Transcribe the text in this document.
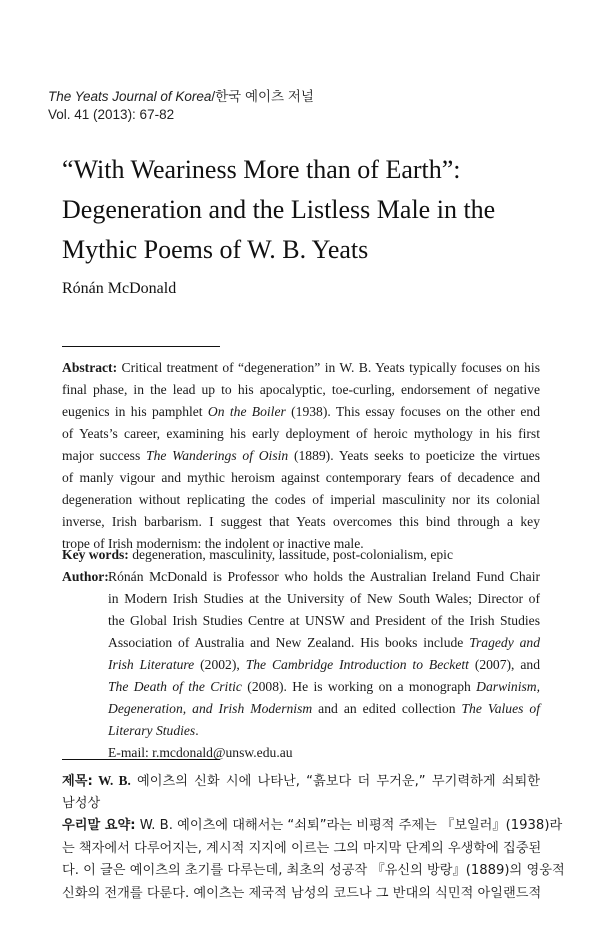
The Yeats Journal of Korea/한국 예이츠 저널
Vol. 41 (2013): 67-82
“With Weariness More than of Earth”:
Degeneration and the Listless Male in the
Mythic Poems of W. B. Yeats
Rónán McDonald
Abstract: Critical treatment of “degeneration” in W. B. Yeats typically focuses on his
final phase, in the lead up to his apocalyptic, toe-curling, endorsement of negative
eugenics in his pamphlet On the Boiler (1938). This essay focuses on the other end
of Yeats’s career, examining his early deployment of heroic mythology in his first
major success The Wanderings of Oisin (1889). Yeats seeks to poeticize the virtues
of manly vigour and mythic heroism against contemporary fears of decadence and
degeneration without replicating the codes of imperial masculinity nor its colonial
inverse, Irish barbarism. I suggest that Yeats overcomes this bind through a key
trope of Irish modernism: the indolent or inactive male.
Key words: degeneration, masculinity, lassitude, post-colonialism, epic
Author: Rónán McDonald is Professor who holds the Australian Ireland Fund Chair
in Modern Irish Studies at the University of New South Wales; Director of
the Global Irish Studies Centre at UNSW and President of the Irish Studies
Association of Australia and New Zealand. His books include Tragedy and
Irish Literature (2002), The Cambridge Introduction to Beckett (2007), and
The Death of the Critic (2008). He is working on a monograph Darwinism,
Degeneration, and Irish Modernism and an edited collection The Values of
Literary Studies.
E-mail: r.mcdonald@unsw.edu.au
제목: W. B. 예이츠의 신화 시에 나타난, “흙보다 더 무거운,” 무기력하게 쇠퇴한
남성상
우리말 요약: W. B. 예이츠에 대해서는 “쇠퇴”라는 비평적 주제는 『보일러』(1938)라
는 책자에서 다루어지는, 계시적 지지에 이르는 그의 마지막 단계의 우생학에 집중된
다. 이 글은 예이츠의 초기를 다루는데, 최초의 성공작 『유신의 방랑』(1889)의 영웅적
신화의 전개를 다룬다. 예이츠는 제국적 남성의 코드나 그 반대의 식민적 아일랜드적
